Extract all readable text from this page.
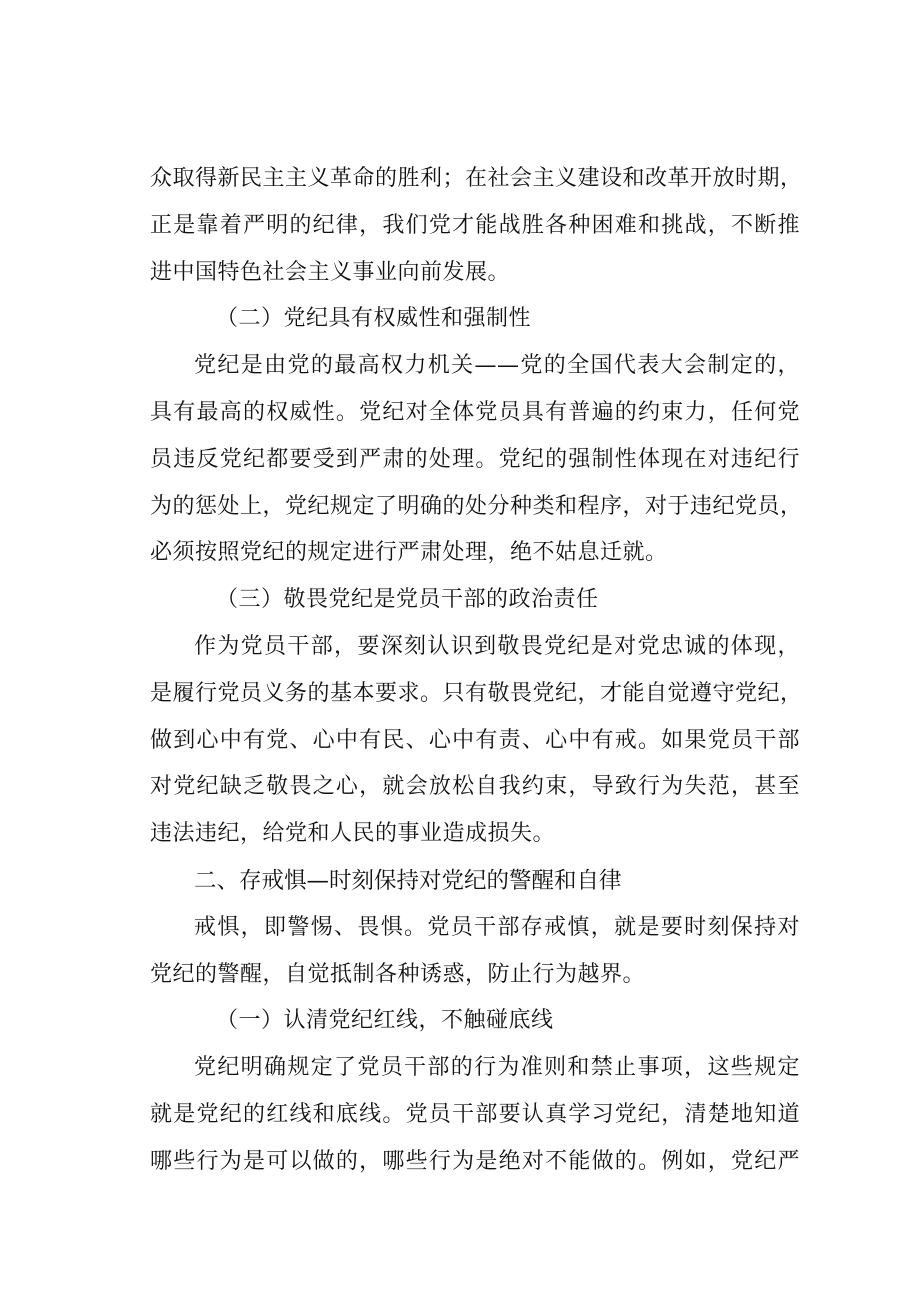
众取得新民主主义革命的胜利；在社会主义建设和改革开放时期，
正是靠着严明的纪律，我们党才能战胜各种困难和挑战，不断推
进中国特色社会主义事业向前发展。
（二）党纪具有权威性和强制性
党纪是由党的最高权力机关——党的全国代表大会制定的，
具有最高的权威性。党纪对全体党员具有普遍的约束力，任何党
员违反党纪都要受到严肃的处理。党纪的强制性体现在对违纪行
为的惩处上，党纪规定了明确的处分种类和程序，对于违纪党员，
必须按照党纪的规定进行严肃处理，绝不姑息迁就。
（三）敬畏党纪是党员干部的政治责任
作为党员干部，要深刻认识到敬畏党纪是对党忠诚的体现，
是履行党员义务的基本要求。只有敬畏党纪，才能自觉遵守党纪，
做到心中有党、心中有民、心中有责、心中有戒。如果党员干部
对党纪缺乏敬畏之心，就会放松自我约束，导致行为失范，甚至
违法违纪，给党和人民的事业造成损失。
二、存戒惧—时刻保持对党纪的警醒和自律
戒惧，即警惕、畏惧。党员干部存戒慎，就是要时刻保持对
党纪的警醒，自觉抵制各种诱惑，防止行为越界。
（一）认清党纪红线，不触碰底线
党纪明确规定了党员干部的行为准则和禁止事项，这些规定
就是党纪的红线和底线。党员干部要认真学习党纪，清楚地知道
哪些行为是可以做的，哪些行为是绝对不能做的。例如，党纪严
